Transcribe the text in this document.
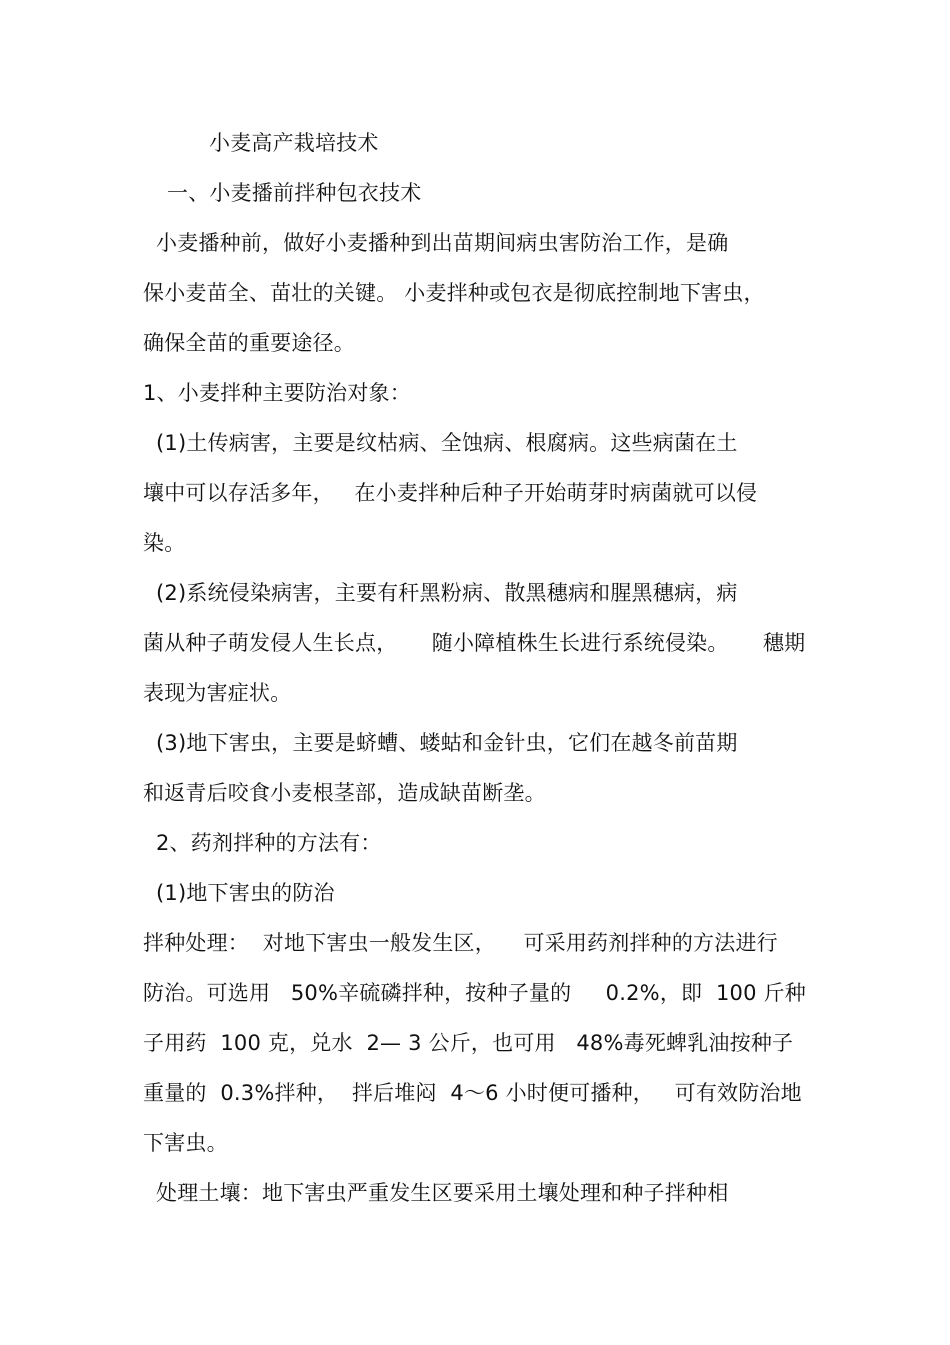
小麦高产栽培技术
一、小麦播前拌种包衣技术
小麦播种前，做好小麦播种到出苗期间病虫害防治工作，是确
保小麦苗全、苗壮的关键。 小麦拌种或包衣是彻底控制地下害虫，
确保全苗的重要途径。
1、小麦拌种主要防治对象：
(1)土传病害，主要是纹枯病、全蚀病、根腐病。这些病菌在土
壤中可以存活多年，   在小麦拌种后种子开始萌芽时病菌就可以侵
染。
(2)系统侵染病害，主要有秆黑粉病、散黑穗病和腥黑穗病，病
菌从种子萌发侵人生长点，     随小障植株生长进行系统侵染。     穗期
表现为害症状。
(3)地下害虫，主要是蛴螬、蝼蛄和金针虫，它们在越冬前苗期
和返青后咬食小麦根茎部，造成缺苗断垄。
2、药剂拌种的方法有：
(1)地下害虫的防治
拌种处理：  对地下害虫一般发生区，    可采用药剂拌种的方法进行
防治。可选用   50%辛硫磷拌种，按种子量的     0.2%，即  100 斤种
子用药  100 克，兑水  2— 3 公斤，也可用   48%毒死蜱乳油按种子
重量的  0.3%拌种，  拌后堆闷  4～6 小时便可播种，   可有效防治地
下害虫。
处理土壤：地下害虫严重发生区要采用土壤处理和种子拌种相
